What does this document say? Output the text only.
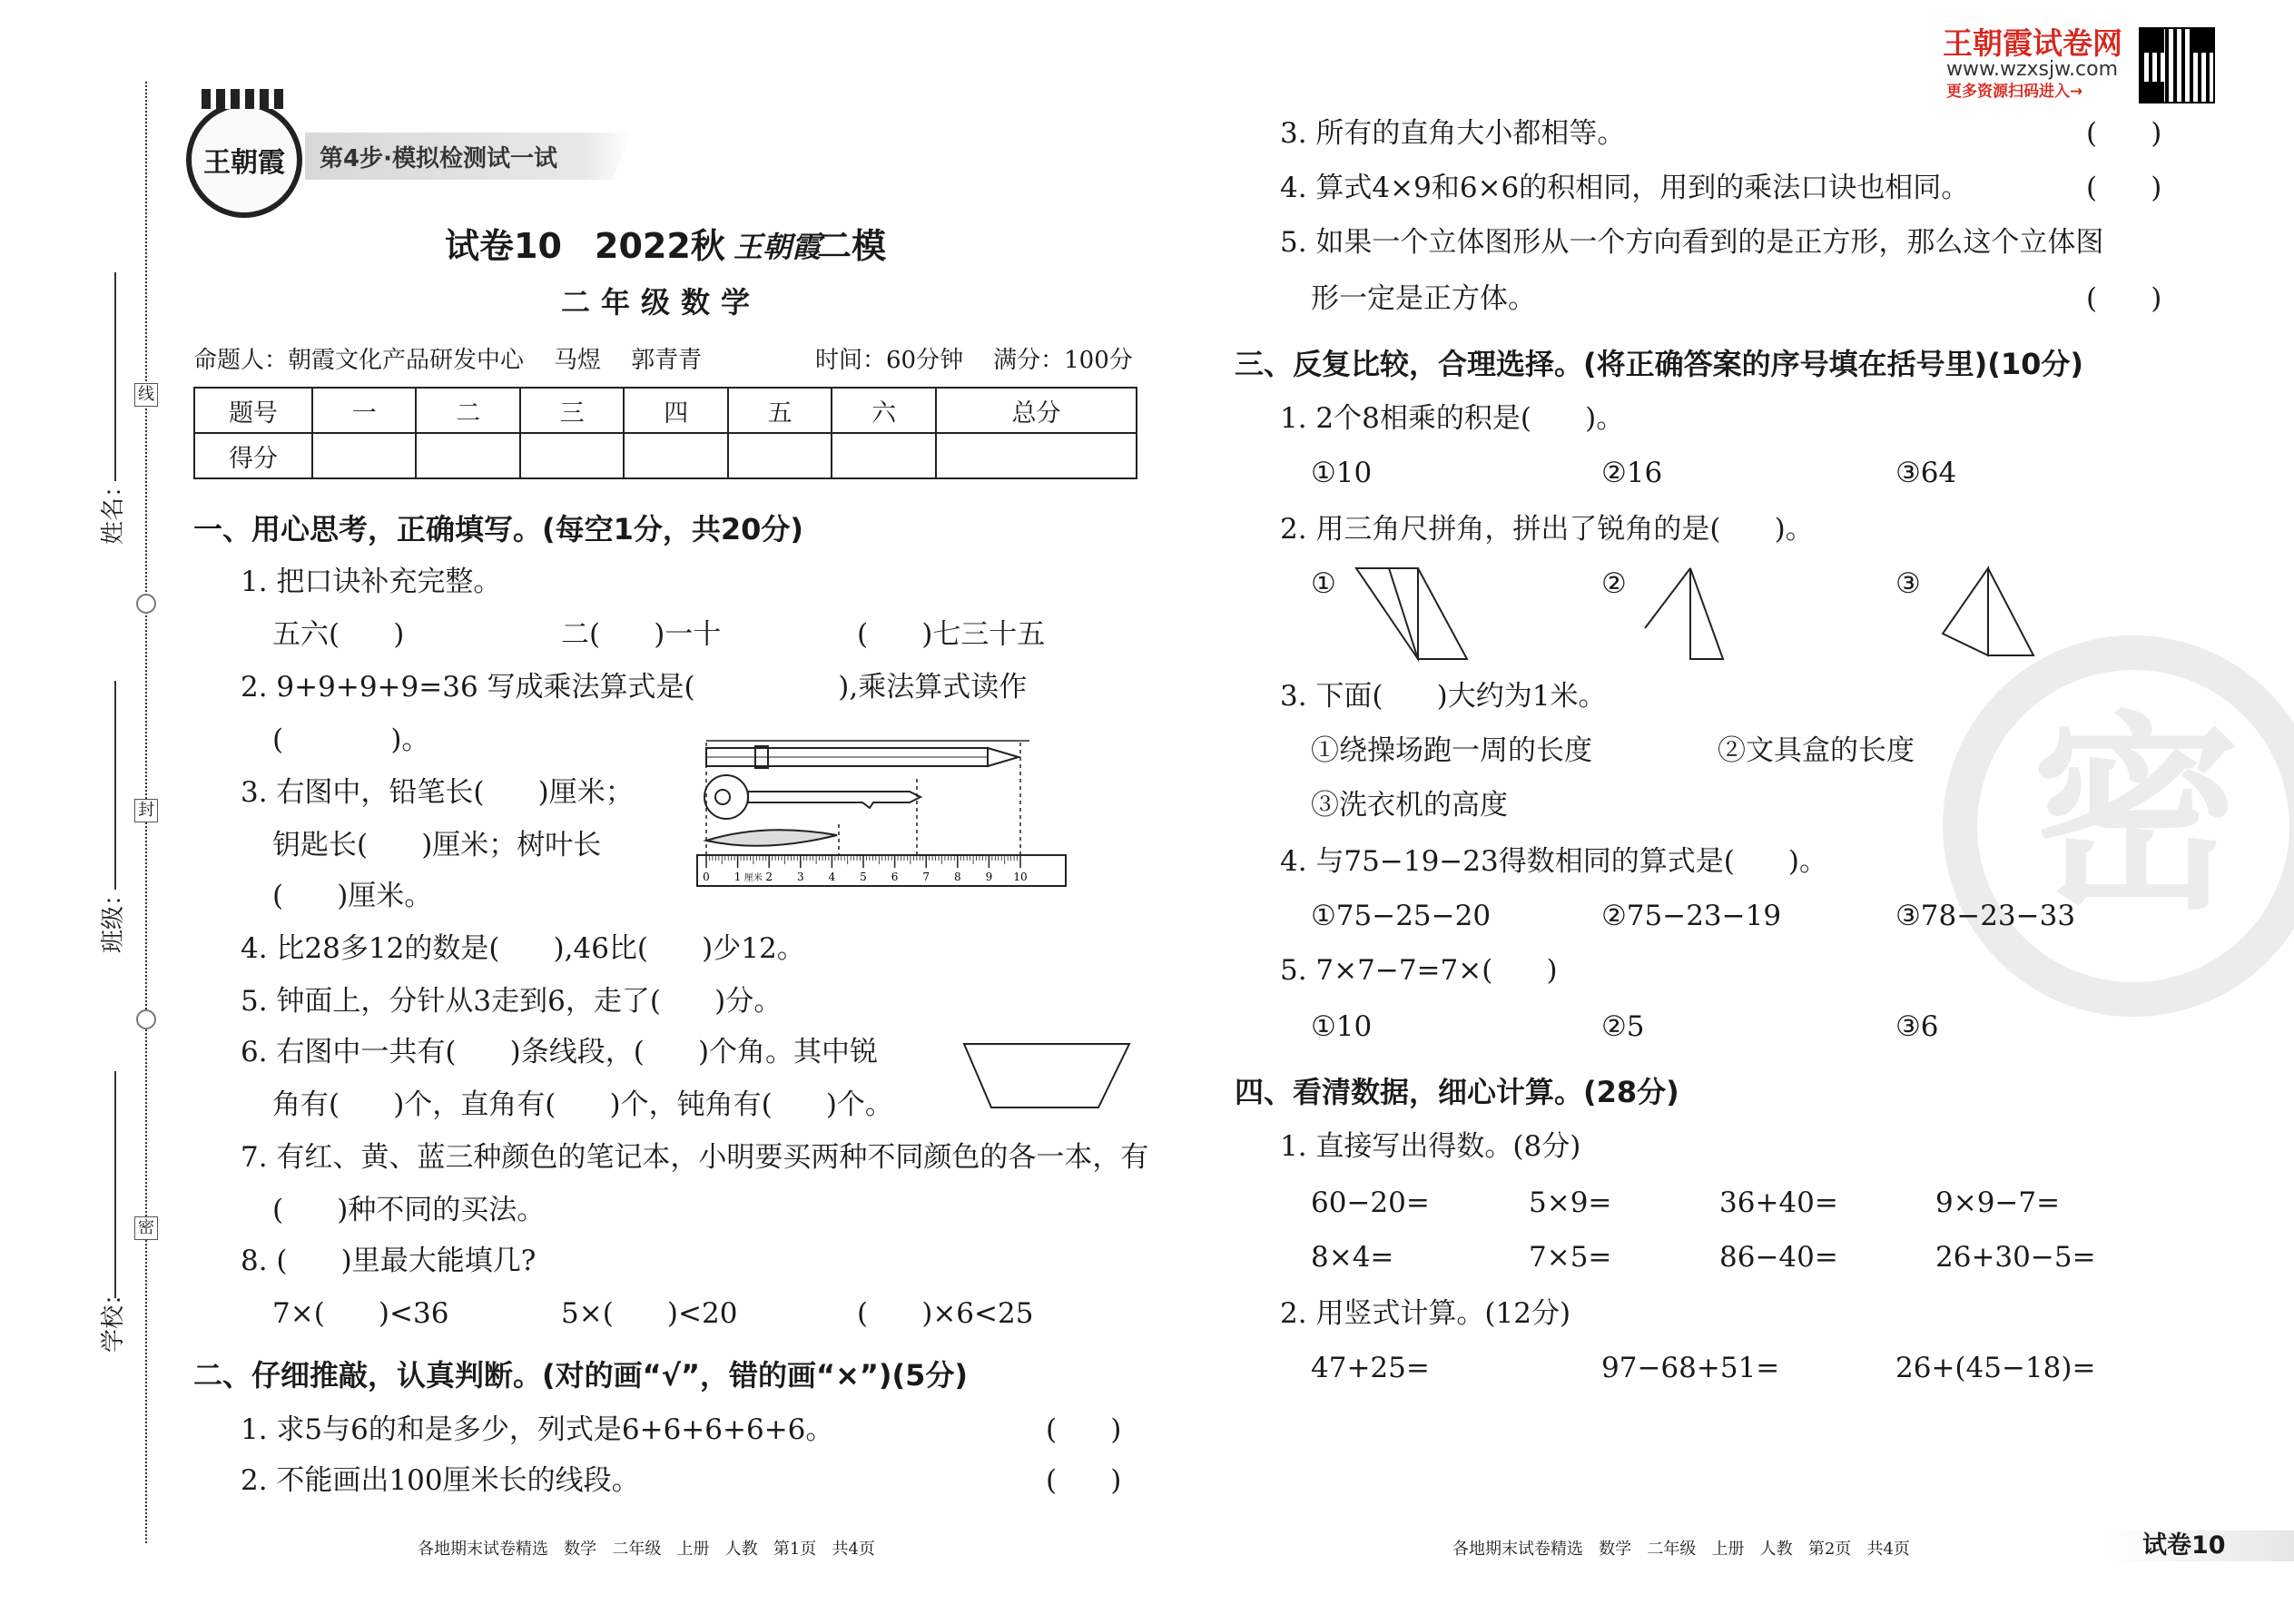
姓名：
班级：
学校：
线
封
密
王朝霞	第4步·模拟检测试一试
试卷10 2022秋 王朝霞
二模
二年级数学
命题人：朝霞文化产品研发中心    马煜    郭青青	时间：60分钟    满分：100分
题号	一	二	三	四	五	六	总分
得分							
一、用心思考，正确填写。(每空1分，共20分)
1. 把口诀补充完整。
五六(      )	二(      )一十	(      )七三十五
2. 9+9+9+9=36 写成乘法算式是(                ),乘法算式读作
(            )。
3. 右图中，铅笔长(      )厘米；
钥匙长(      )厘米；树叶长
(      )厘米。
0 1 2 3 4 5 6 7 8 9 10
厘米
4. 比28多12的数是(      ),46比(      )少12。
5. 钟面上，分针从3走到6，走了(      )分。
6. 右图中一共有(      )条线段，(      )个角。其中锐
角有(      )个，直角有(      )个，钝角有(      )个。
7. 有红、黄、蓝三种颜色的笔记本，小明要买两种不同颜色的各一本，有
(      )种不同的买法。
8. (      )里最大能填几?
7×(      )<36	5×(      )<20	(      )×6<25
二、仔细推敲，认真判断。(对的画“√”，错的画“×”)(5分)
1. 求5与6的和是多少，列式是6+6+6+6+6。	(      )
2. 不能画出100厘米长的线段。	(      )
各地期末试卷精选   数学   二年级   上册   人教   第1页   共4页
王朝霞试卷网
www.wzxsjw.com
更多资源扫码进入→
密
3. 所有的直角大小都相等。	(      )
4. 算式4×9和6×6的积相同，用到的乘法口诀也相同。	(      )
5. 如果一个立体图形从一个方向看到的是正方形，那么这个立体图
形一定是正方体。	(      )
三、反复比较，合理选择。(将正确答案的序号填在括号里)(10分)
1. 2个8相乘的积是(      )。
①10	②16	③64
2. 用三角尺拼角，拼出了锐角的是(      )。
①	②	③
3. 下面(      )大约为1米。
①绕操场跑一周的长度	②文具盒的长度
③洗衣机的高度
4. 与75−19−23得数相同的算式是(      )。
①75−25−20	②75−23−19	③78−23−33
5. 7×7−7=7×(      )
①10	②5	③6
四、看清数据，细心计算。(28分)
1. 直接写出得数。(8分)
60−20=	5×9=	36+40=	9×9−7=
8×4=	7×5=	86−40=	26+30−5=
2. 用竖式计算。(12分)
47+25=	97−68+51=	26+(45−18)=
各地期末试卷精选   数学   二年级   上册   人教   第2页   共4页	试卷10
